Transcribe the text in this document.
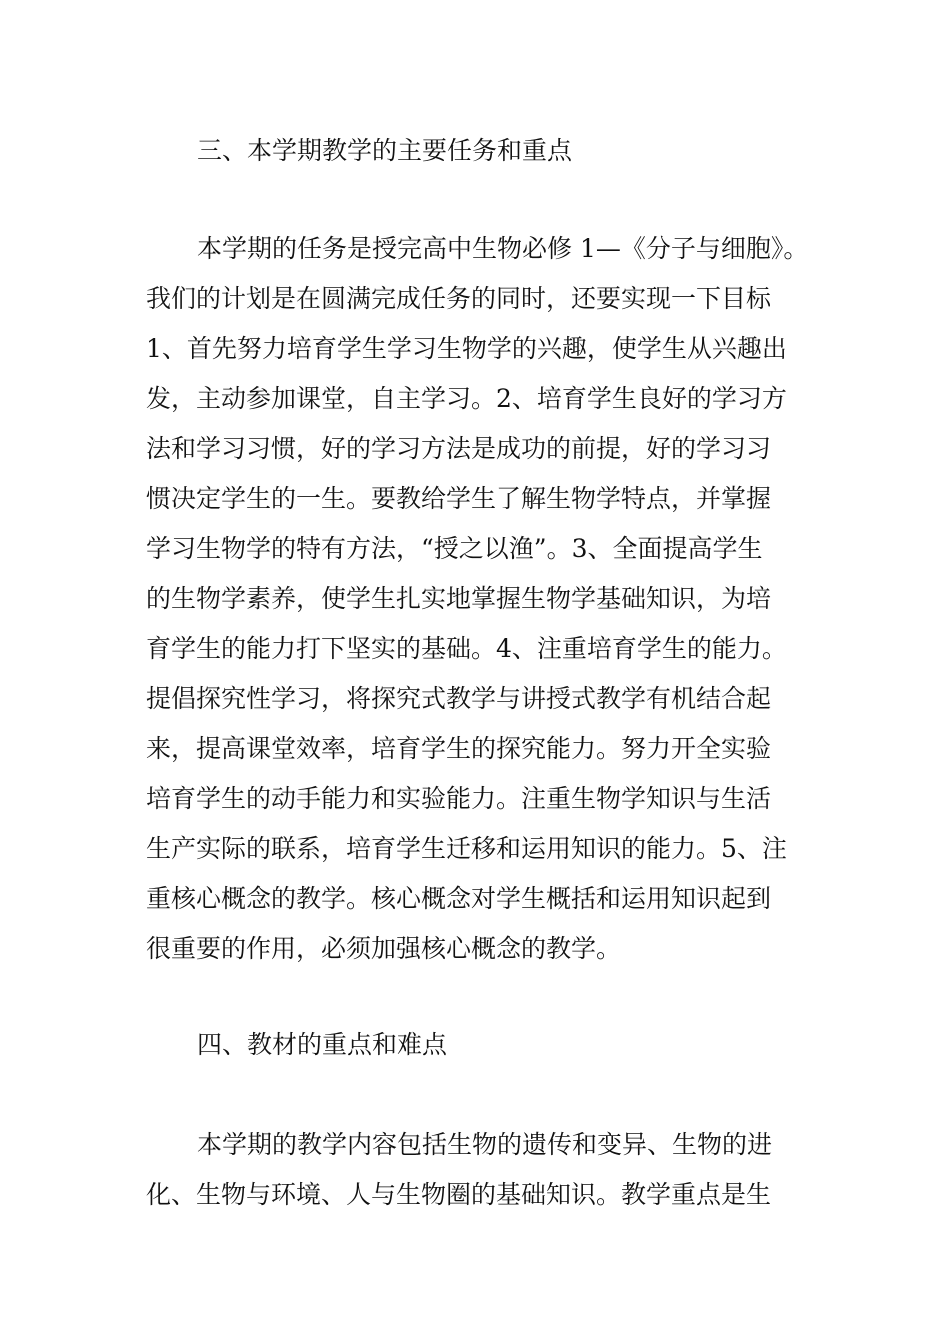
三、本学期教学的主要任务和重点
本学期的任务是授完高中生物必修 1—《分子与细胞》。
我们的计划是在圆满完成任务的同时，还要实现一下目标
1、首先努力培育学生学习生物学的兴趣，使学生从兴趣出
发，主动参加课堂，自主学习。2、培育学生良好的学习方
法和学习习惯，好的学习方法是成功的前提，好的学习习
惯决定学生的一生。要教给学生了解生物学特点，并掌握
学习生物学的特有方法，“授之以渔”。3、全面提高学生
的生物学素养，使学生扎实地掌握生物学基础知识，为培
育学生的能力打下坚实的基础。4、注重培育学生的能力。
提倡探究性学习，将探究式教学与讲授式教学有机结合起
来，提高课堂效率，培育学生的探究能力。努力开全实验
培育学生的动手能力和实验能力。注重生物学知识与生活
生产实际的联系，培育学生迁移和运用知识的能力。5、注
重核心概念的教学。核心概念对学生概括和运用知识起到
很重要的作用，必须加强核心概念的教学。
四、教材的重点和难点
本学期的教学内容包括生物的遗传和变异、生物的进
化、生物与环境、人与生物圈的基础知识。教学重点是生
